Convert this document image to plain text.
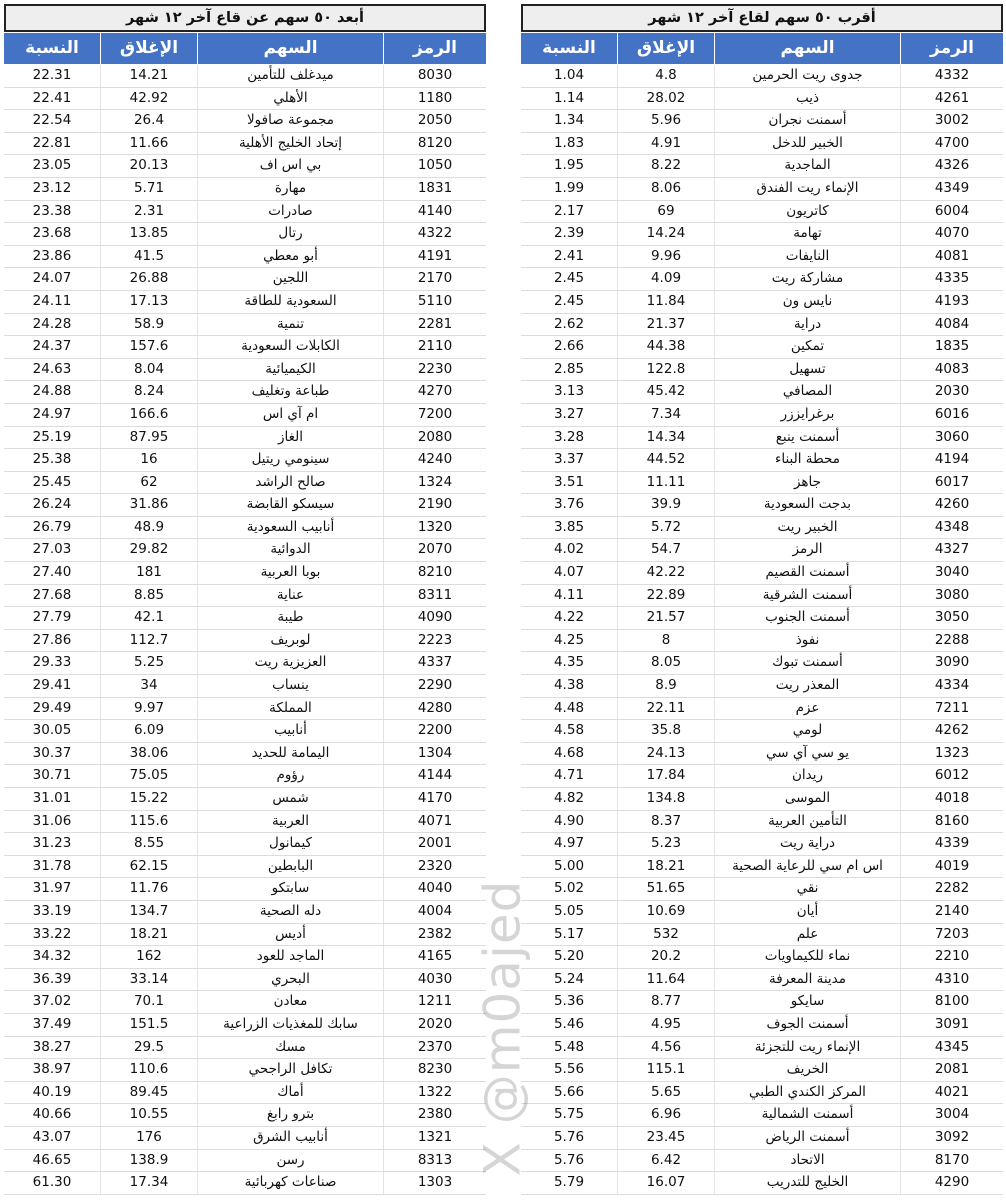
أبعد ٥٠ سهم عن قاع آخر ١٢ شهر
النسبة	الإغلاق	السهم	الرمز
22.31	14.21	ميدغلف للتأمين	8030
22.41	42.92	الأهلي	1180
22.54	26.4	مجموعة صافولا	2050
22.81	11.66	إتحاد الخليج الأهلية	8120
23.05	20.13	بي اس اف	1050
23.12	5.71	مهارة	1831
23.38	2.31	صادرات	4140
23.68	13.85	رتال	4322
23.86	41.5	أبو معطي	4191
24.07	26.88	اللجين	2170
24.11	17.13	السعودية للطاقة	5110
24.28	58.9	تنمية	2281
24.37	157.6	الكابلات السعودية	2110
24.63	8.04	الكيميائية	2230
24.88	8.24	طباعة وتغليف	4270
24.97	166.6	ام آي اس	7200
25.19	87.95	الغاز	2080
25.38	16	سينومي ريتيل	4240
25.45	62	صالح الراشد	1324
26.24	31.86	سيسكو القابضة	2190
26.79	48.9	أنابيب السعودية	1320
27.03	29.82	الدوائية	2070
27.40	181	بوبا العربية	8210
27.68	8.85	عناية	8311
27.79	42.1	طيبة	4090
27.86	112.7	لوبريف	2223
29.33	5.25	العزيزية ريت	4337
29.41	34	ينساب	2290
29.49	9.97	المملكة	4280
30.05	6.09	أنابيب	2200
30.37	38.06	اليمامة للحديد	1304
30.71	75.05	رؤوم	4144
31.01	15.22	شمس	4170
31.06	115.6	العربية	4071
31.23	8.55	كيمانول	2001
31.78	62.15	البابطين	2320
31.97	11.76	سابتكو	4040
33.19	134.7	دله الصحية	4004
33.22	18.21	أديس	2382
34.32	162	الماجد للعود	4165
36.39	33.14	البحري	4030
37.02	70.1	معادن	1211
37.49	151.5	سابك للمغذيات الزراعية	2020
38.27	29.5	مسك	2370
38.97	110.6	تكافل الراجحي	8230
40.19	89.45	أماك	1322
40.66	10.55	بترو رابغ	2380
43.07	176	أنابيب الشرق	1321
46.65	138.9	رسن	8313
61.30	17.34	صناعات كهربائية	1303
أقرب ٥٠ سهم لقاع آخر ١٢ شهر
النسبة	الإغلاق	السهم	الرمز
1.04	4.8	جدوى ريت الحرمين	4332
1.14	28.02	ذيب	4261
1.34	5.96	أسمنت نجران	3002
1.83	4.91	الخبير للدخل	4700
1.95	8.22	الماجدية	4326
1.99	8.06	الإنماء ريت الفندق	4349
2.17	69	كاتريون	6004
2.39	14.24	تهامة	4070
2.41	9.96	النايفات	4081
2.45	4.09	مشاركة ريت	4335
2.45	11.84	نايس ون	4193
2.62	21.37	دراية	4084
2.66	44.38	تمكين	1835
2.85	122.8	تسهيل	4083
3.13	45.42	المصافي	2030
3.27	7.34	برغرايززر	6016
3.28	14.34	أسمنت ينبع	3060
3.37	44.52	محطة البناء	4194
3.51	11.11	جاهز	6017
3.76	39.9	بدجت السعودية	4260
3.85	5.72	الخبير ريت	4348
4.02	54.7	الرمز	4327
4.07	42.22	أسمنت القصيم	3040
4.11	22.89	أسمنت الشرقية	3080
4.22	21.57	أسمنت الجنوب	3050
4.25	8	نفوذ	2288
4.35	8.05	أسمنت تبوك	3090
4.38	8.9	المعذر ريت	4334
4.48	22.11	عزم	7211
4.58	35.8	لومي	4262
4.68	24.13	يو سي آي سي	1323
4.71	17.84	ريدان	6012
4.82	134.8	الموسى	4018
4.90	8.37	التأمين العربية	8160
4.97	5.23	دراية ريت	4339
5.00	18.21	اس ام سي للرعاية الصحية	4019
5.02	51.65	نقي	2282
5.05	10.69	أيان	2140
5.17	532	علم	7203
5.20	20.2	نماء للكيماويات	2210
5.24	11.64	مدينة المعرفة	4310
5.36	8.77	سايكو	8100
5.46	4.95	أسمنت الجوف	3091
5.48	4.56	الإنماء ريت للتجزئة	4345
5.56	115.1	الخريف	2081
5.66	5.65	المركز الكندي الطبي	4021
5.75	6.96	أسمنت الشمالية	3004
5.76	23.45	أسمنت الرياض	3092
5.76	6.42	الاتحاد	8170
5.79	16.07	الخليج للتدريب	4290
X @m0ajed
